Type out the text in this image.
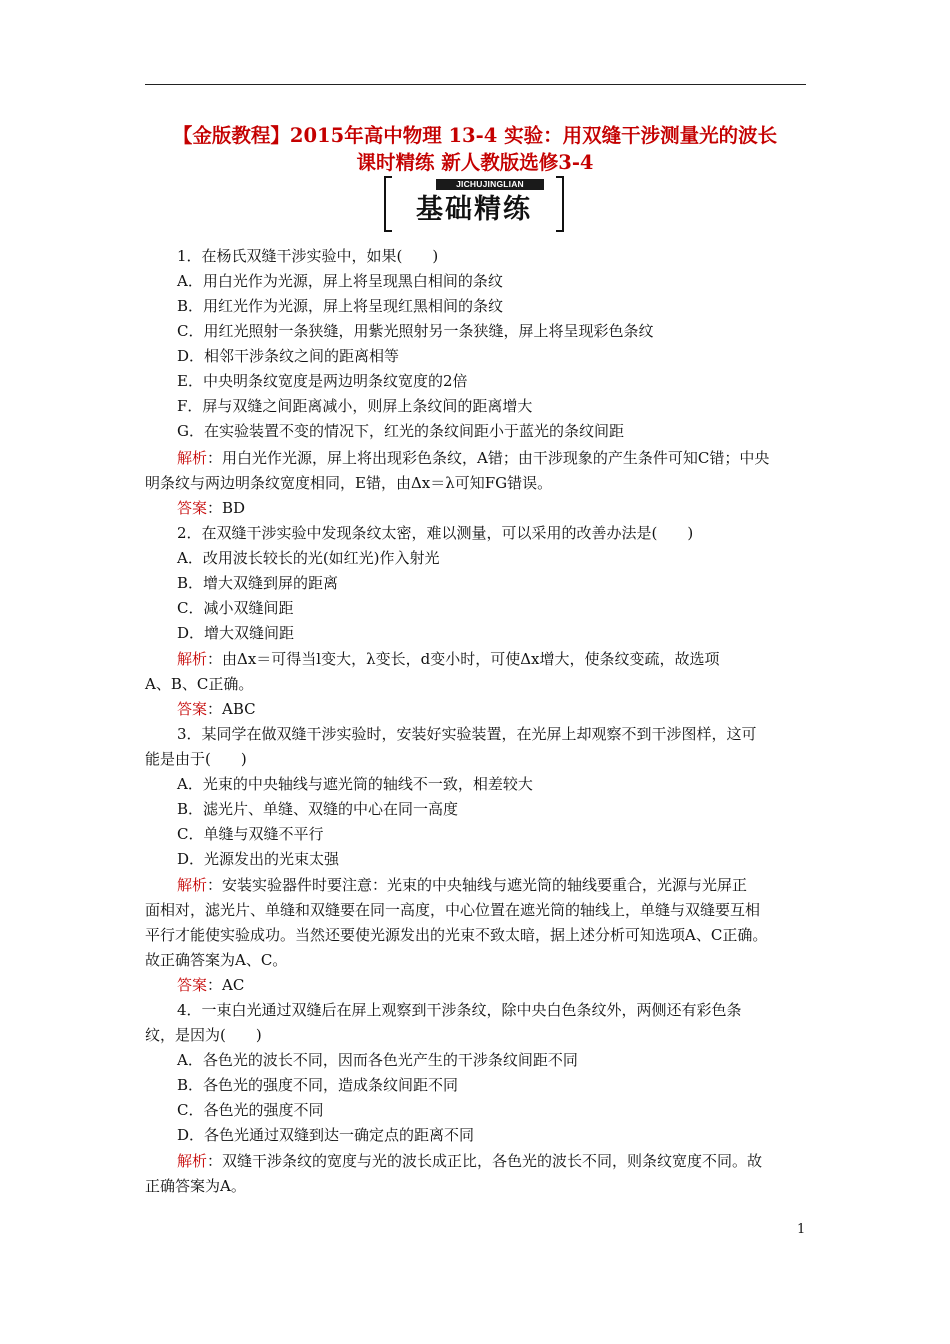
【金版教程】2015年高中物理 13-4 实验：用双缝干涉测量光的波长
课时精练 新人教版选修3-4
JICHUJINGLIAN
基础精练
1．在杨氏双缝干涉实验中，如果(　　)
A．用白光作为光源，屏上将呈现黑白相间的条纹
B．用红光作为光源，屏上将呈现红黑相间的条纹
C．用红光照射一条狭缝，用紫光照射另一条狭缝，屏上将呈现彩色条纹
D．相邻干涉条纹之间的距离相等
E．中央明条纹宽度是两边明条纹宽度的2倍
F．屏与双缝之间距离减小，则屏上条纹间的距离增大
G．在实验装置不变的情况下，红光的条纹间距小于蓝光的条纹间距
解析：用白光作光源，屏上将出现彩色条纹，A错；由干涉现象的产生条件可知C错；中央
明条纹与两边明条纹宽度相同，E错，由Δx＝λ可知FG错误。
答案：BD
2．在双缝干涉实验中发现条纹太密，难以测量，可以采用的改善办法是(　　)
A．改用波长较长的光(如红光)作入射光
B．增大双缝到屏的距离
C．减小双缝间距
D．增大双缝间距
解析：由Δx＝可得当l变大，λ变长，d变小时，可使Δx增大，使条纹变疏，故选项
A、B、C正确。
答案：ABC
3．某同学在做双缝干涉实验时，安装好实验装置，在光屏上却观察不到干涉图样，这可
能是由于(　　)
A．光束的中央轴线与遮光筒的轴线不一致，相差较大
B．滤光片、单缝、双缝的中心在同一高度
C．单缝与双缝不平行
D．光源发出的光束太强
解析：安装实验器件时要注意：光束的中央轴线与遮光筒的轴线要重合，光源与光屏正
面相对，滤光片、单缝和双缝要在同一高度，中心位置在遮光筒的轴线上，单缝与双缝要互相
平行才能使实验成功。当然还要使光源发出的光束不致太暗，据上述分析可知选项A、C正确。
故正确答案为A、C。
答案：AC
4．一束白光通过双缝后在屏上观察到干涉条纹，除中央白色条纹外，两侧还有彩色条
纹，是因为(　　)
A．各色光的波长不同，因而各色光产生的干涉条纹间距不同
B．各色光的强度不同，造成条纹间距不同
C．各色光的强度不同
D．各色光通过双缝到达一确定点的距离不同
解析：双缝干涉条纹的宽度与光的波长成正比，各色光的波长不同，则条纹宽度不同。故
正确答案为A。
1
